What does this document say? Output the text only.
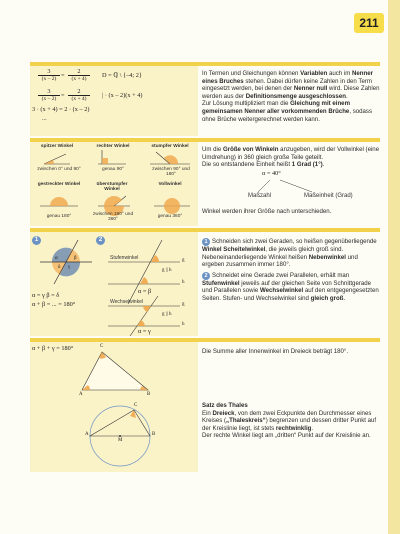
211
$\frac{3}{(x - 2)} = \frac{2}{(x + 4)}$ D = ℚ \ {–4; 2}
$\frac{3}{(x - 2)} = \frac{2}{(x + 4)}$ | · (x – 2)(x + 4)
3 · (x + 4) = 2 · (x – 2)
...

In Termen und Gleichungen können Variablen auch im Nenner eines Bruches stehen. Dabei dürfen keine Zahlen in den Term eingesetzt werden, bei denen der Nenner null wird. Diese Zahlen werden aus der Definitionsmenge ausgeschlossen.
Zur Lösung multipliziert man die Gleichung mit einem gemeinsamen Nenner aller vorkommenden Brüche, sodass ohne Brüche weitergerechnet werden kann.

spitzer Winkel	rechter Winkel	stumpfer Winkel
zwischen 0° und 90°	genau 90°	zwischen 90° und 180°
gestreckter Winkel	überstumpfer Winkel
Vollwinkel
genau 180°	zwischen 180° und 360°
genau 360°

Um die Größe von Winkeln anzugeben, wird der Vollwinkel (eine Umdrehung) in 360 gleich große Teile geteilt.
Die so entstandene Einheit heißt 1 Grad (1°).

α = 40°
Maßzahl	Maßeinheit (Grad)
Winkel werden ihrer Größe nach unterschieden.
1	2
α	β
γ
δ
Stufenwinkel	g
h
g || h
α = β
Wechselwinkel	g
h
g || h
α = γ
α = γ β = δ
α + β = ... = 180°

1 Schneiden sich zwei Geraden, so heißen gegenüberliegende Winkel Scheitelwinkel, die jeweils gleich groß sind. Nebeneinanderliegende Winkel heißen Nebenwinkel und ergeben zusammen immer 180°.

2 Schneidet eine Gerade zwei Parallelen, erhält man Stufenwinkel jeweils auf der gleichen Seite von Schnittgerade und Parallelen sowie Wechselwinkel auf den entgegengesetzten Seiten. Stufen- und Wechselwinkel sind gleich groß.

α + β + γ = 180°
A	B
C
A	B
C
M
Die Summe aller Innenwinkel im Dreieck beträgt 180°.

Satz des Thales
Ein Dreieck, von dem zwei Eckpunkte den Durchmesser eines Kreises („Thaleskreis“) begrenzen und dessen dritter Punkt auf der Kreislinie liegt, ist stets rechtwinklig.
Der rechte Winkel liegt am „dritten“ Punkt auf der Kreislinie an.
